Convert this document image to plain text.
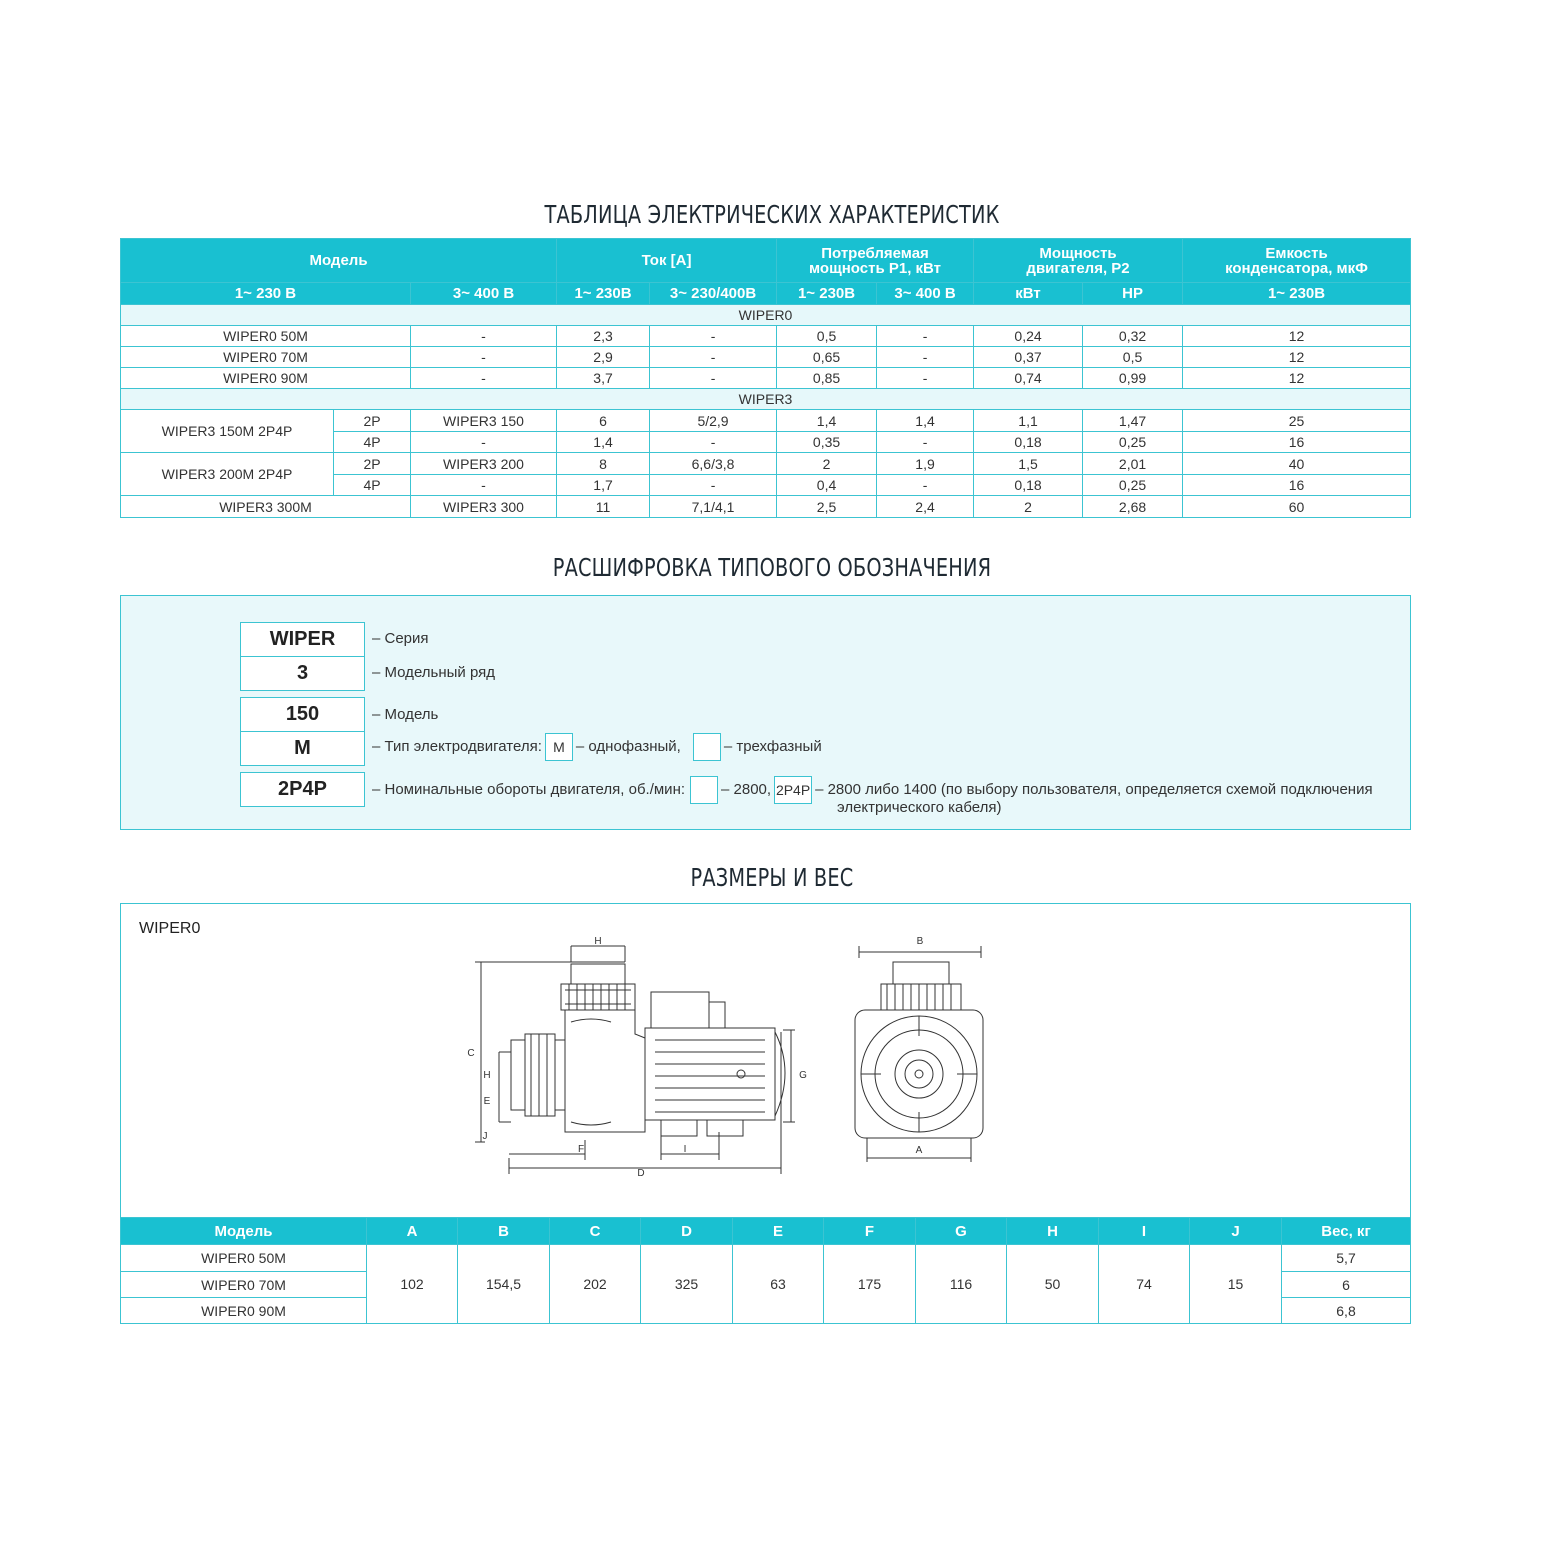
ТАБЛИЦА ЭЛЕКТРИЧЕСКИХ ХАРАКТЕРИСТИК
Модель			Ток [A]		Потребляемая
мощность Р1, кВт		Мощность
двигателя, Р2		Емкость
конденсатора, мкФ
1~ 230 В		3~ 400 В	1~ 230В	3~ 230/400В	1~ 230В	3~ 400 В	кВт	HP	1~ 230В
WIPER0									
WIPER0 50M		-	2,3	-	0,5	-	0,24	0,32	12
WIPER0 70M		-	2,9	-	0,65	-	0,37	0,5	12
WIPER0 90M		-	3,7	-	0,85	-	0,74	0,99	12
WIPER3									
WIPER3 150M 2P4P	2P	WIPER3 150	6	5/2,9	1,4	1,4	1,1	1,47	25
	4P	-	1,4	-	0,35	-	0,18	0,25	16
WIPER3 200M 2P4P	2P	WIPER3 200	8	6,6/3,8	2	1,9	1,5	2,01	40
	4P	-	1,7	-	0,4	-	0,18	0,25	16
WIPER3 300M		WIPER3 300	11	7,1/4,1	2,5	2,4	2	2,68	60
РАСШИФРОВКА ТИПОВОГО ОБОЗНАЧЕНИЯ
WIPER
3
150
M
2P4P
– Серия
– Модельный ряд
– Модель
– Тип электродвигателя: M – однофазный,	– трехфазный
– Номинальные обороты двигателя, об./мин: – 2800, 2P4P – 2800 либо 1400 (по выбору пользователя, определяется схемой подключения
электрического кабеля)
РАЗМЕРЫ И ВЕС
WIPER0
H
C
H
E
J
F	I
D
G
B
A
Модель	A	B	C	D	E	F	G	H	I	J	Вес, кг
WIPER0 50M	102	154,5	202	325	63	175	116	50	74	15	5,7
WIPER0 70M											6
WIPER0 90M											6,8
